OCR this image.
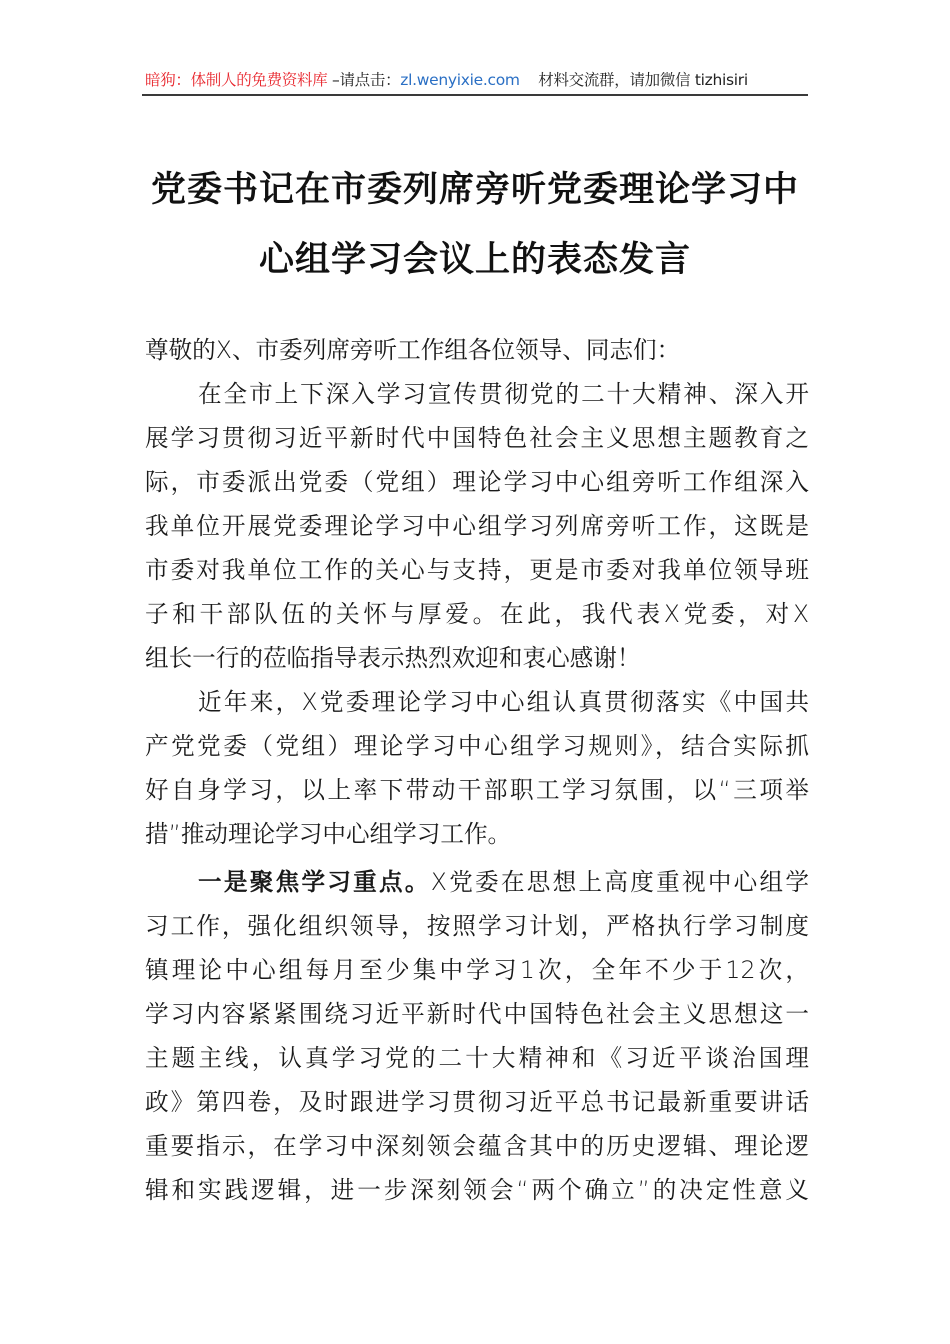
暗狗：体制人的免费资料库 –请点击：zl.wenyixie.com    材料交流群，请加微信 tizhisiri
党委书记在市委列席旁听党委理论学习中
心组学习会议上的表态发言
尊敬的X、市委列席旁听工作组各位领导、同志们：
在全市上下深入学习宣传贯彻党的二十大精神、深入开
展学习贯彻习近平新时代中国特色社会主义思想主题教育之
际，市委派出党委（党组）理论学习中心组旁听工作组深入
我单位开展党委理论学习中心组学习列席旁听工作，这既是
市委对我单位工作的关心与支持，更是市委对我单位领导班
子和干部队伍的关怀与厚爱。在此，我代表X党委，对X
组长一行的莅临指导表示热烈欢迎和衷心感谢！
近年来，X党委理论学习中心组认真贯彻落实《中国共
产党党委（党组）理论学习中心组学习规则》，结合实际抓
好自身学习，以上率下带动干部职工学习氛围，以“三项举
措”推动理论学习中心组学习工作。
一是聚焦学习重点。X党委在思想上高度重视中心组学
习工作，强化组织领导，按照学习计划，严格执行学习制度
镇理论中心组每月至少集中学习1次，全年不少于12次，
学习内容紧紧围绕习近平新时代中国特色社会主义思想这一
主题主线，认真学习党的二十大精神和《习近平谈治国理
政》第四卷，及时跟进学习贯彻习近平总书记最新重要讲话
重要指示，在学习中深刻领会蕴含其中的历史逻辑、理论逻
辑和实践逻辑，进一步深刻领会“两个确立”的决定性意义
